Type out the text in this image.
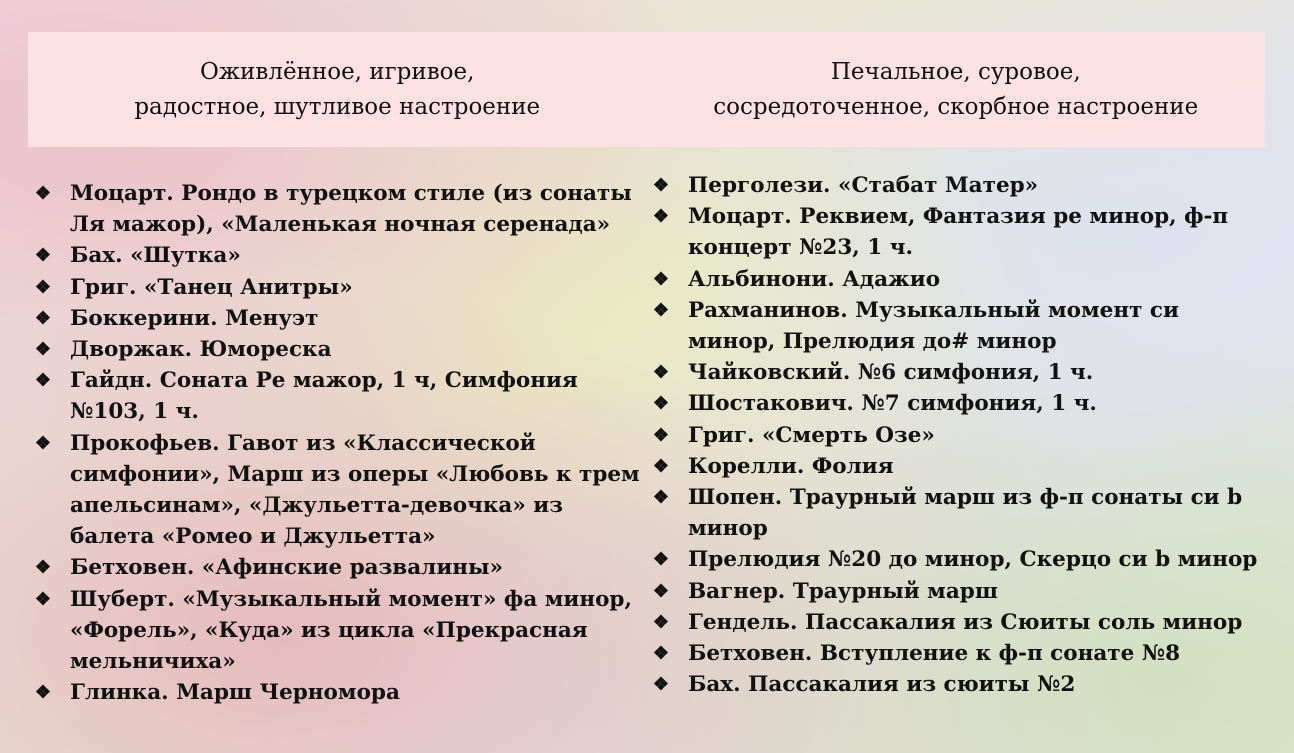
Оживлённое, игривое,
радостное, шутливое настроение
Печальное, суровое,
сосредоточенное, скорбное настроение
❖ Моцарт. Рондо в турецком стиле (из сонаты Ля мажор), «Маленькая ночная серенада»
❖ Бах. «Шутка»
❖ Григ. «Танец Анитры»
❖ Боккерини. Менуэт
❖ Дворжак. Юмореска
❖ Гайдн. Соната Ре мажор, 1 ч, Симфония №103, 1 ч.
❖ Прокофьев. Гавот из «Классической симфонии», Марш из оперы «Любовь к трем апельсинам», «Джульетта-девочка» из балета «Ромео и Джульетта»
❖ Бетховен. «Афинские развалины»
❖ Шуберт. «Музыкальный момент» фа минор, «Форель», «Куда» из цикла «Прекрасная мельничиха»
❖ Глинка. Марш Черномора
❖ Перголези. «Стабат Матер»
❖ Моцарт. Реквием, Фантазия ре минор, ф-п концерт №23, 1 ч.
❖ Альбинони. Адажио
❖ Рахманинов. Музыкальный момент си минор, Прелюдия до# минор
❖ Чайковский. №6 симфония, 1 ч.
❖ Шостакович. №7 симфония, 1 ч.
❖ Григ. «Смерть Озе»
❖ Корелли. Фолия
❖ Шопен. Траурный марш из ф-п сонаты си b минор
❖ Прелюдия №20 до минор, Скерцо си b минор
❖ Вагнер. Траурный марш
❖ Гендель. Пассакалия из Сюиты соль минор
❖ Бетховен. Вступление к ф-п сонате №8
❖ Бах. Пассакалия из сюиты №2
